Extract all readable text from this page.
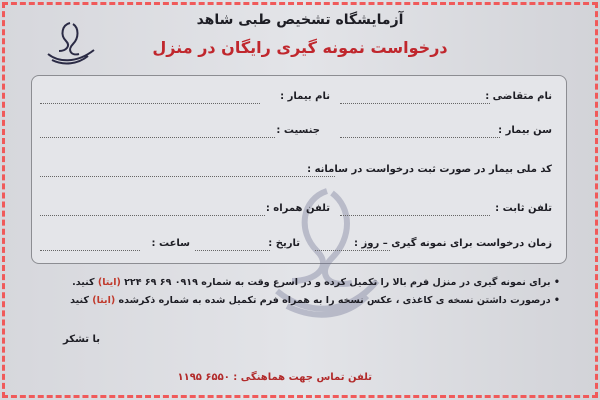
آزمایشگاه تشخیص طبی شاهد
درخواست نمونه گیری رایگان در منزل
نام متقاضی :
نام بیمار :
سن بیمار :
جنسیت :
کد ملی بیمار در صورت ثبت درخواست در سامانه :
تلفن ثابت :
تلفن همراه :
زمان درخواست برای نمونه گیری – روز :
تاریخ :
ساعت :
• برای نمونه گیری در منزل فرم بالا را تکمیل کرده و در اسرع وقت به شماره ۰۹۱۹ ۶۹ ۶۹ ۲۲۴ (ایتا) کنید.
• درصورت داشتن نسخه ی کاغذی ، عکس نسخه را به همراه فرم تکمیل شده به شماره ذکرشده (ایتا) کنید
با تشکر
تلفن تماس جهت هماهنگی : ۶۵۵۰ ۱۱۹۵
